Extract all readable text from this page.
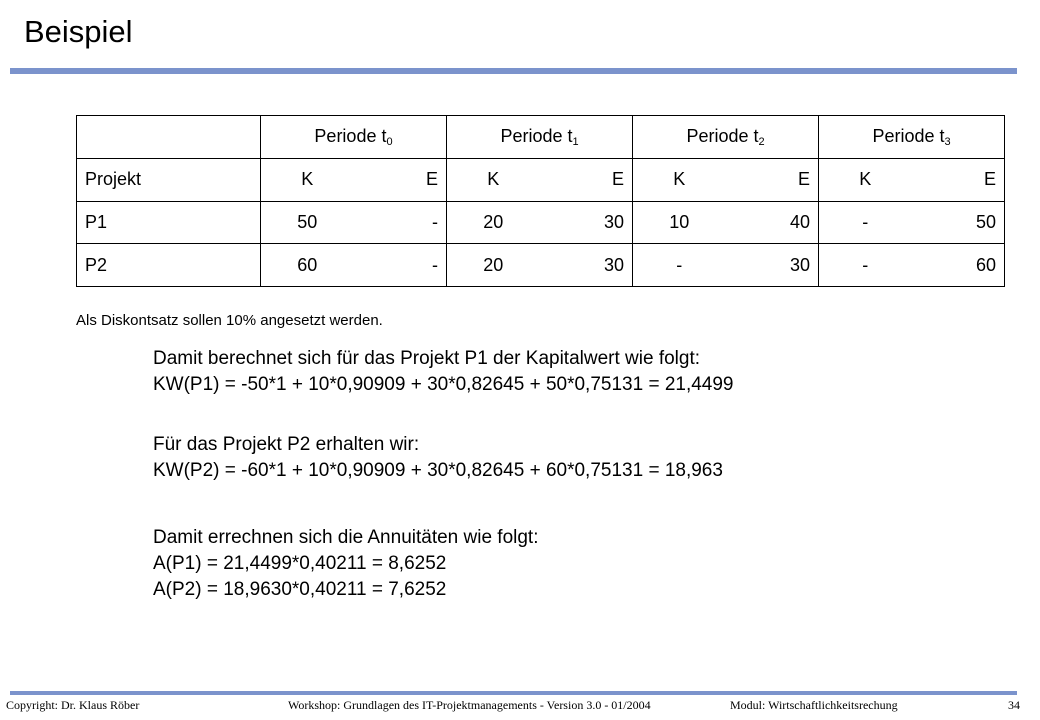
Beispiel
	Periode $t_0$		Periode $t_1$		Periode $t_2$		Periode $t_3$
Projekt	K	E	K	E	K	E	K	E
P1	50	-	20	30	10	40	-	50
P2	60	-	20	30	-	30	-	60
Als Diskontsatz sollen 10% angesetzt werden.
Damit berechnet sich für das Projekt P1 der Kapitalwert wie folgt:
KW(P1) = -50*1 + 10*0,90909 + 30*0,82645 + 50*0,75131 = 21,4499
Für das Projekt P2 erhalten wir:
KW(P2) = -60*1 + 10*0,90909 + 30*0,82645 + 60*0,75131 = 18,963
Damit errechnen sich die Annuitäten wie folgt:
A(P1) = 21,4499*0,40211 = 8,6252
A(P2) = 18,9630*0,40211 = 7,6252
Copyright: Dr. Klaus Röber	Workshop: Grundlagen des IT-Projektmanagements - Version 3.0 - 01/2004	Modul: Wirtschaftlichkeitsrechung	34
